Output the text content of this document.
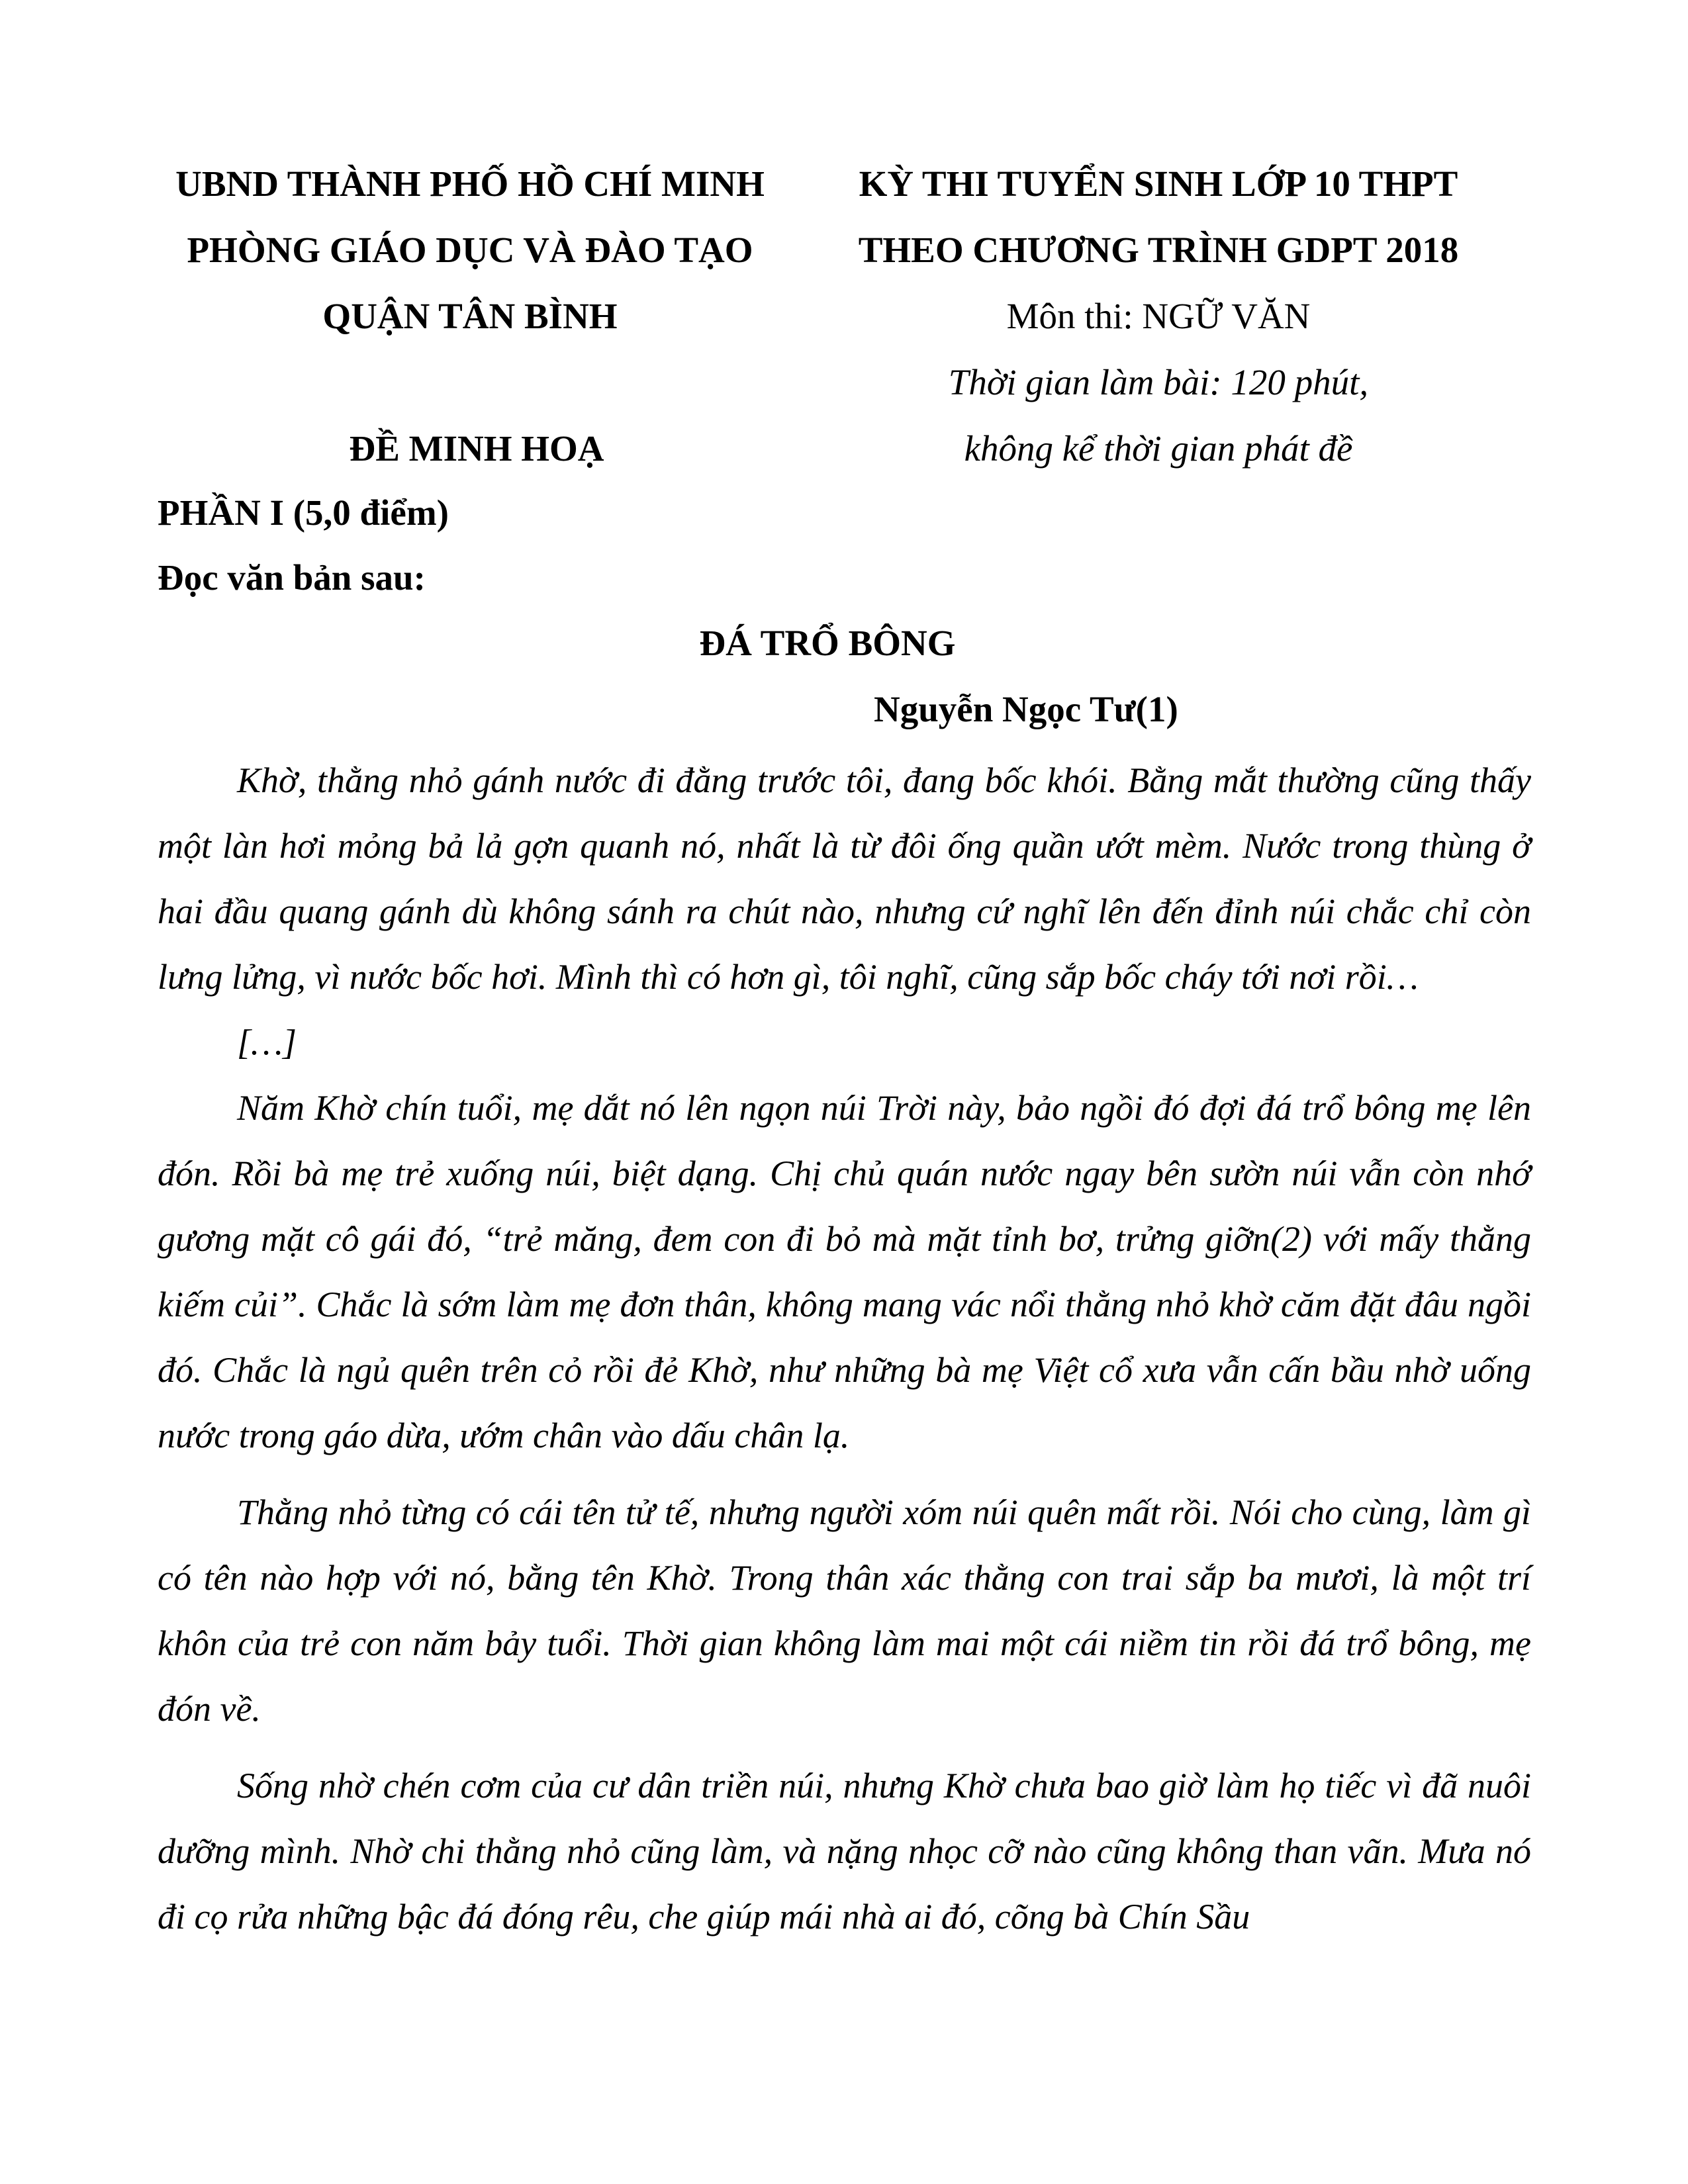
UBND THÀNH PHỐ HỒ CHÍ MINH
PHÒNG GIÁO DỤC VÀ ĐÀO TẠO
QUẬN TÂN BÌNH
KỲ THI TUYỂN SINH LỚP 10 THPT
THEO CHƯƠNG TRÌNH GDPT 2018
Môn thi: NGỮ VĂN
Thời gian làm bài: 120 phút,
không kể thời gian phát đề
ĐỀ MINH HOẠ
PHẦN I (5,0 điểm)
Đọc văn bản sau:
ĐÁ TRỔ BÔNG
Nguyễn Ngọc Tư(1)

Khờ, thằng nhỏ gánh nước đi đằng trước tôi, đang bốc khói. Bằng mắt thường cũng thấy một làn hơi mỏng bả lả gợn quanh nó, nhất là từ đôi ống quần ướt mèm. Nước trong thùng ở hai đầu quang gánh dù không sánh ra chút nào, nhưng cứ nghĩ lên đến đỉnh núi chắc chỉ còn lưng lửng, vì nước bốc hơi. Mình thì có hơn gì, tôi nghĩ, cũng sắp bốc cháy tới nơi rồi…

[…]

Năm Khờ chín tuổi, mẹ dắt nó lên ngọn núi Trời này, bảo ngồi đó đợi đá trổ bông mẹ lên đón. Rồi bà mẹ trẻ xuống núi, biệt dạng. Chị chủ quán nước ngay bên sườn núi vẫn còn nhớ gương mặt cô gái đó, “trẻ măng, đem con đi bỏ mà mặt tỉnh bơ, trửng giỡn(2) với mấy thằng kiếm củi”. Chắc là sớm làm mẹ đơn thân, không mang vác nổi thằng nhỏ khờ căm đặt đâu ngồi đó. Chắc là ngủ quên trên cỏ rồi đẻ Khờ, như những bà mẹ Việt cổ xưa vẫn cấn bầu nhờ uống nước trong gáo dừa, ướm chân vào dấu chân lạ.

Thằng nhỏ từng có cái tên tử tế, nhưng người xóm núi quên mất rồi. Nói cho cùng, làm gì có tên nào hợp với nó, bằng tên Khờ. Trong thân xác thằng con trai sắp ba mươi, là một trí khôn của trẻ con năm bảy tuổi. Thời gian không làm mai một cái niềm tin rồi đá trổ bông, mẹ đón về.

Sống nhờ chén cơm của cư dân triền núi, nhưng Khờ chưa bao giờ làm họ tiếc vì đã nuôi dưỡng mình. Nhờ chi thằng nhỏ cũng làm, và nặng nhọc cỡ nào cũng không than vãn. Mưa nó đi cọ rửa những bậc đá đóng rêu, che giúp mái nhà ai đó, cõng bà Chín Sầu
